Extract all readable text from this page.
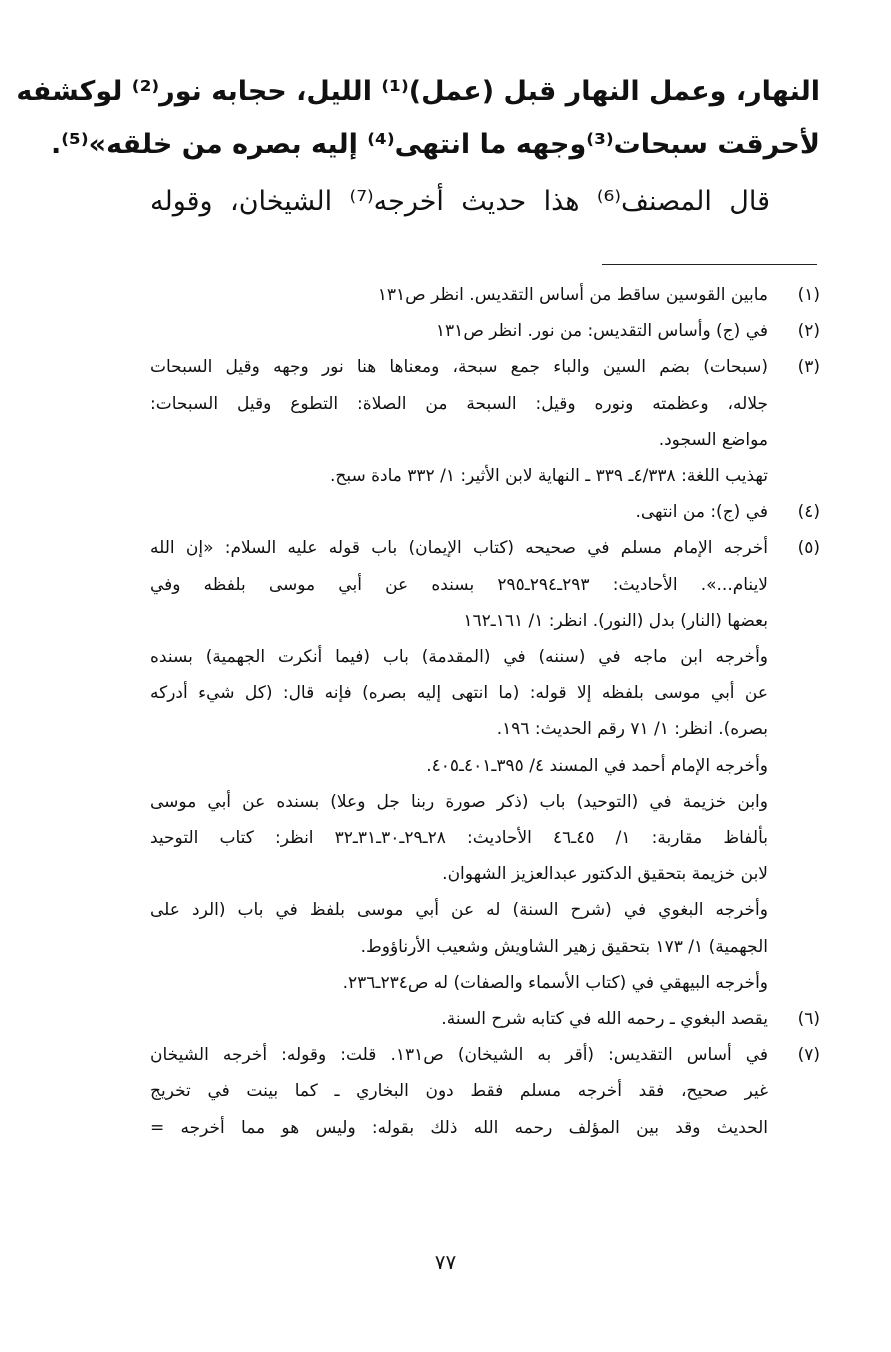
النهار، وعمل النهار قبل (عمل)⁽¹⁾ الليل، حجابه نور⁽²⁾ لوكشفه

لأحرقت سبحات⁽³⁾وجهه ما انتهى⁽⁴⁾ إليه بصره من خلقه»⁽⁵⁾.

قال المصنف⁽⁶⁾ هذا حديث أخرجه⁽⁷⁾ الشيخان، وقوله

(١)
مابين القوسين ساقط من أساس التقديس. انظر ص١٣١
(٢)
في (ج) وأساس التقديس: من نور. انظر ص١٣١
(٣)
(سبحات) بضم السين والباء جمع سبحة، ومعناها هنا نور وجهه وقيل السبحات
جلاله، وعظمته ونوره وقيل: السبحة من الصلاة: التطوع وقيل السبحات:
مواضع السجود.
تهذيب اللغة: ٤/٣٣٨ـ ٣٣٩ ـ النهاية لابن الأثير: ١/ ٣٣٢ مادة سبح.
(٤)
في (ج): من انتهى.
(٥)
أخرجه الإمام مسلم في صحيحه (كتاب الإيمان) باب قوله عليه السلام: «إن الله
لاينام...». الأحاديث: ٢٩٣ـ٢٩٤ـ٢٩٥ بسنده عن أبي موسى بلفظه وفي
بعضها (النار) بدل (النور). انظر: ١/ ١٦١ـ١٦٢
وأخرجه ابن ماجه في (سننه) في (المقدمة) باب (فيما أنكرت الجهمية) بسنده
عن أبي موسى بلفظه إلا قوله: (ما انتهى إليه بصره) فإنه قال: (كل شيء أدركه
بصره). انظر: ١/ ٧١ رقم الحديث: ١٩٦.
وأخرجه الإمام أحمد في المسند ٤/ ٣٩٥ـ٤٠١ـ٤٠٥.
وابن خزيمة في (التوحيد) باب (ذكر صورة ربنا جل وعلا) بسنده عن أبي موسى
بألفاظ مقاربة: ١/ ٤٥ـ٤٦ الأحاديث: ٢٨ـ٢٩ـ٣٠ـ٣١ـ٣٢ انظر: كتاب التوحيد
لابن خزيمة بتحقيق الدكتور عبدالعزيز الشهوان.
وأخرجه البغوي في (شرح السنة) له عن أبي موسى بلفظ في باب (الرد على
الجهمية) ١/ ١٧٣ بتحقيق زهير الشاويش وشعيب الأرناؤوط.
وأخرجه البيهقي في (كتاب الأسماء والصفات) له ص٢٣٤ـ٢٣٦.
(٦)
يقصد البغوي ـ رحمه الله في كتابه شرح السنة.
(٧)
في أساس التقديس: (أقر به الشيخان) ص١٣١. قلت: وقوله: أخرجه الشيخان
غير صحيح، فقد أخرجه مسلم فقط دون البخاري ـ كما بينت في تخريج
الحديث وقد بين المؤلف رحمه الله ذلك بقوله: وليس هو مما أخرجه =
٧٧
